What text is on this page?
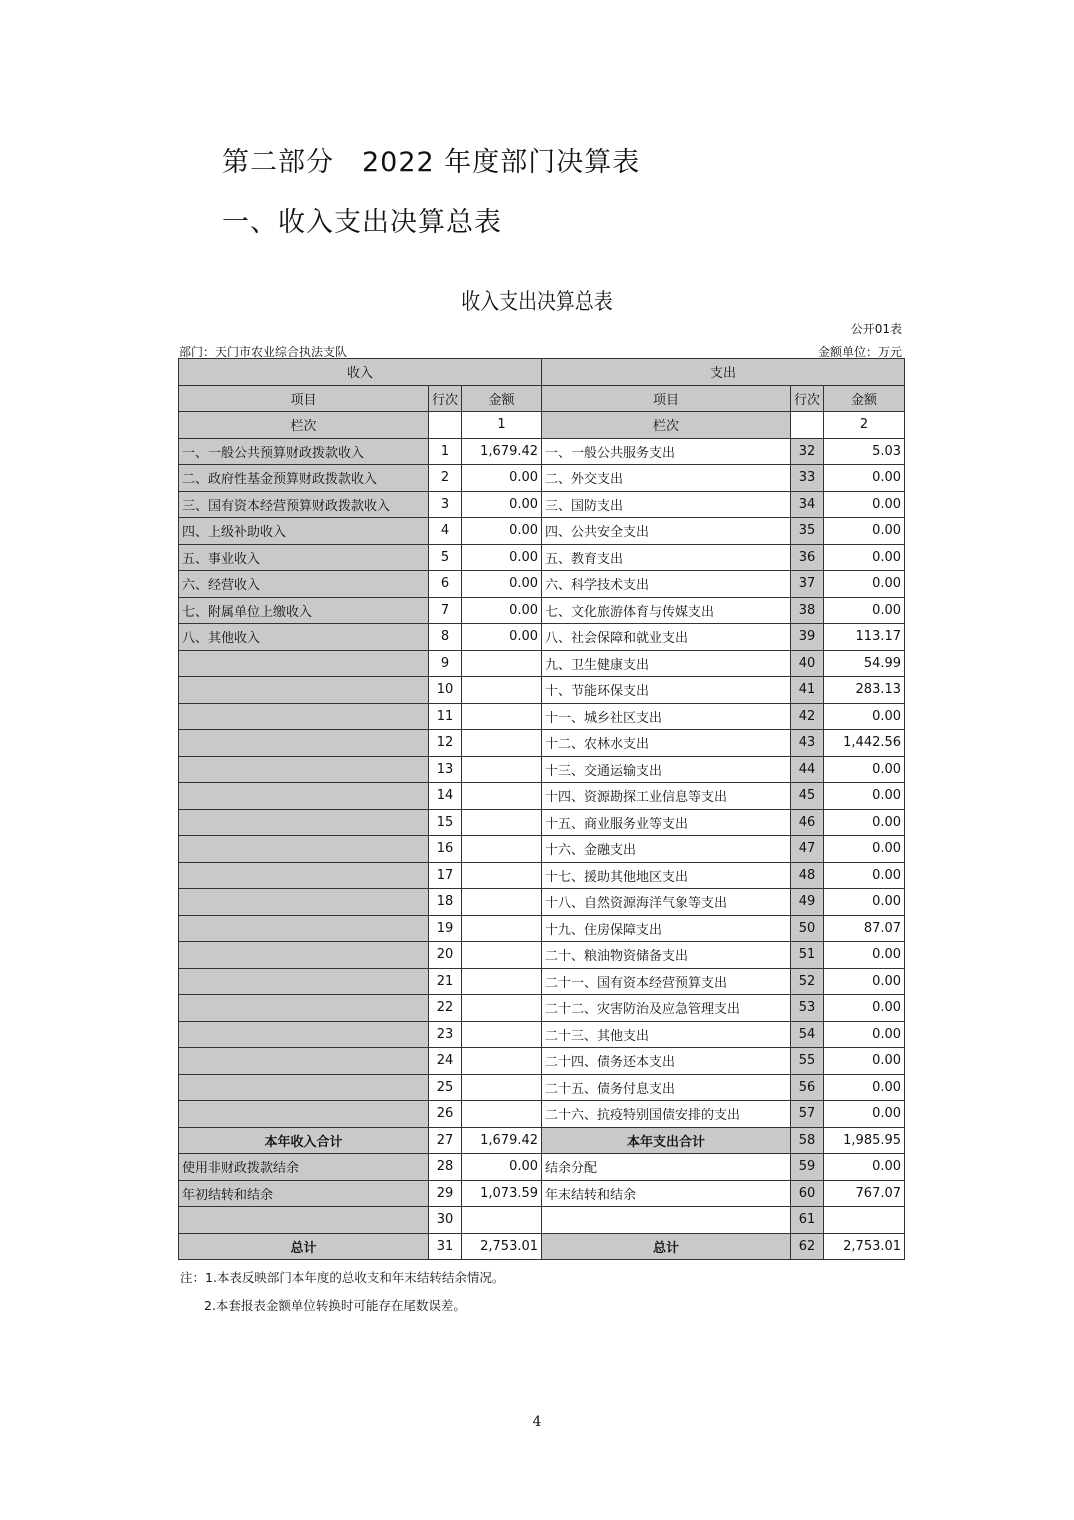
第二部分　2022 年度部门决算表
一、收入支出决算总表
收入支出决算总表
公开01表
部门：天门市农业综合执法支队	金额单位：万元
收入			支出		
项目	行次	金额	项目	行次	金额
栏次		1	栏次		2
一、一般公共预算财政拨款收入	1	1,679.42	一、一般公共服务支出	32	5.03
二、政府性基金预算财政拨款收入	2	0.00	二、外交支出	33	0.00
三、国有资本经营预算财政拨款收入	3	0.00	三、国防支出	34	0.00
四、上级补助收入	4	0.00	四、公共安全支出	35	0.00
五、事业收入	5	0.00	五、教育支出	36	0.00
六、经营收入	6	0.00	六、科学技术支出	37	0.00
七、附属单位上缴收入	7	0.00	七、文化旅游体育与传媒支出	38	0.00
八、其他收入	8	0.00	八、社会保障和就业支出	39	113.17
	9		九、卫生健康支出	40	54.99
	10		十、节能环保支出	41	283.13
	11		十一、城乡社区支出	42	0.00
	12		十二、农林水支出	43	1,442.56
	13		十三、交通运输支出	44	0.00
	14		十四、资源勘探工业信息等支出	45	0.00
	15		十五、商业服务业等支出	46	0.00
	16		十六、金融支出	47	0.00
	17		十七、援助其他地区支出	48	0.00
	18		十八、自然资源海洋气象等支出	49	0.00
	19		十九、住房保障支出	50	87.07
	20		二十、粮油物资储备支出	51	0.00
	21		二十一、国有资本经营预算支出	52	0.00
	22		二十二、灾害防治及应急管理支出	53	0.00
	23		二十三、其他支出	54	0.00
	24		二十四、债务还本支出	55	0.00
	25		二十五、债务付息支出	56	0.00
	26		二十六、抗疫特别国债安排的支出	57	0.00
本年收入合计	27	1,679.42	本年支出合计	58	1,985.95
使用非财政拨款结余	28	0.00	结余分配	59	0.00
年初结转和结余	29	1,073.59	年末结转和结余	60	767.07
	30			61	
总计	31	2,753.01	总计	62	2,753.01
注：1.本表反映部门本年度的总收支和年末结转结余情况。
2.本套报表金额单位转换时可能存在尾数误差。
4
